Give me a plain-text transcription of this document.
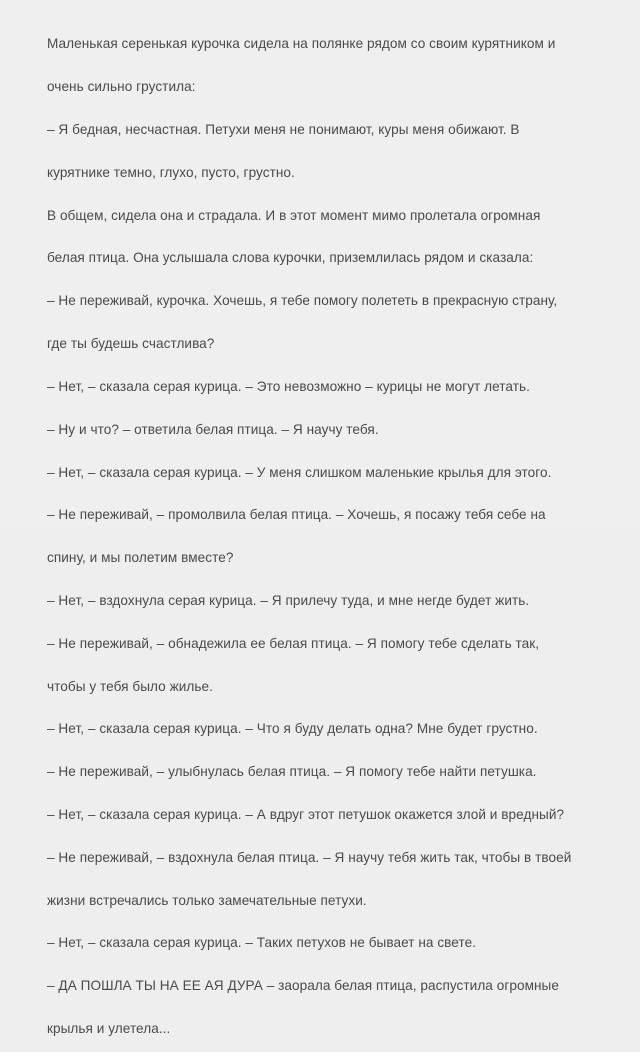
Маленькая серенькая курочка сидела на полянке рядом со своим курятником и

очень сильно грустила:

– Я бедная, несчастная. Петухи меня не понимают, куры меня обижают. В

курятнике темно, глухо, пусто, грустно.

В общем, сидела она и страдала. И в этот момент мимо пролетала огромная

белая птица. Она услышала слова курочки, приземлилась рядом и сказала:

– Не переживай, курочка. Хочешь, я тебе помогу полететь в прекрасную страну,

где ты будешь счастлива?

– Нет, – сказала серая курица. – Это невозможно – курицы не могут летать.

– Ну и что? – ответила белая птица. – Я научу тебя.

– Нет, – сказала серая курица. – У меня слишком маленькие крылья для этого.

– Не переживай, – промолвила белая птица. – Хочешь, я посажу тебя себе на

спину, и мы полетим вместе?

– Нет, – вздохнула серая курица. – Я прилечу туда, и мне негде будет жить.

– Не переживай, – обнадежила ее белая птица. – Я помогу тебе сделать так,

чтобы у тебя было жилье.

– Нет, – сказала серая курица. – Что я буду делать одна? Мне будет грустно.

– Не переживай, – улыбнулась белая птица. – Я помогу тебе найти петушка.

– Нет, – сказала серая курица. – А вдруг этот петушок окажется злой и вредный?

– Не переживай, – вздохнула белая птица. – Я научу тебя жить так, чтобы в твоей

жизни встречались только замечательные петухи.

– Нет, – сказала серая курица. – Таких петухов не бывает на свете.

– ДА ПОШЛА ТЫ НА ЕЕ АЯ ДУРА – заорала белая птица, распустила огромные

крылья и улетела...
